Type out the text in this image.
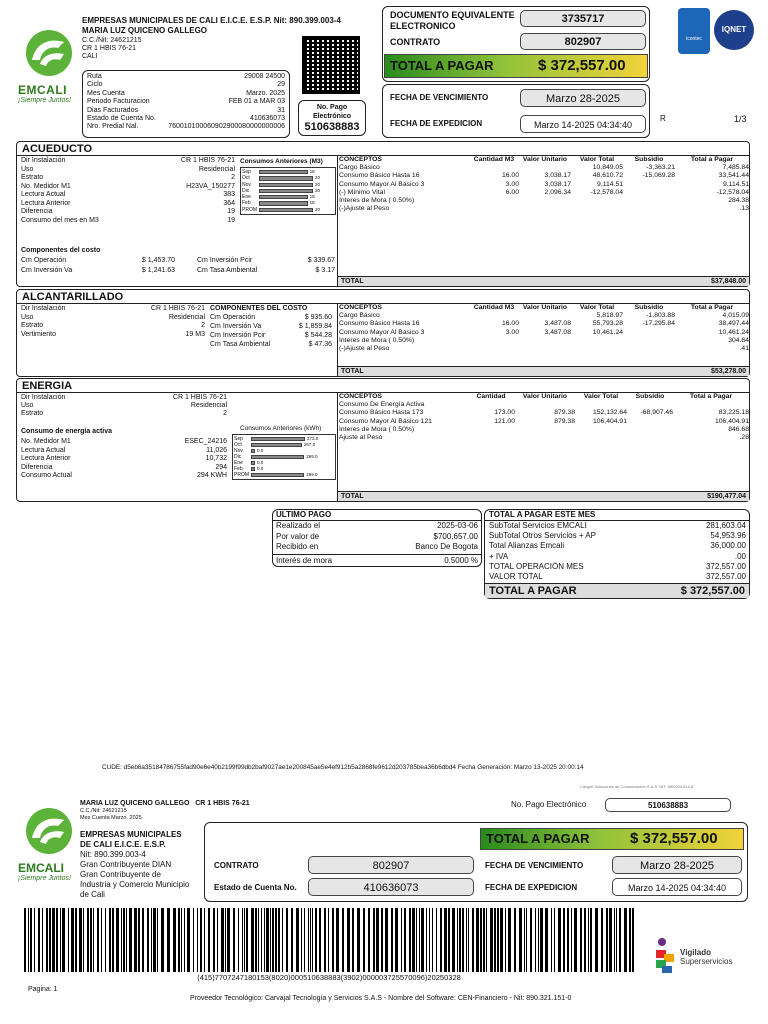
EMCALI
¡Siempre Juntos!
EMPRESAS MUNICIPALES DE CALI E.I.C.E. E.S.P. Nit: 890.399.003-4
MARIA LUZ QUICENO GALLEGO
C.C./Nit: 24621215
CR 1 HBIS 76-21
CALI
Ruta	29008 24500
Ciclo	29
Mes Cuenta	Marzo. 2025
Periodo Facturacion	FEB 01 a MAR 03
Dias Facturados	31
Estado de Cuenta No.	410636073
Nro. Predial Nal.	760010100060902900080000000006
No. Pago Electrónico
510638883
DOCUMENTO EQUIVALENTE ELECTRONICO
3735717
CONTRATO	802907
TOTAL A PAGAR	$ 372,557.00
FECHA DE VENCIMIENTO	Marzo 28-2025
FECHA DE EXPEDICION	Marzo 14-2025 04:34:40
R	1/3
icontec
IQNET
ACUEDUCTO
Dir Instalación	CR 1 HBIS 76-21
Uso	Residencial
Estrato	2
No. Medidor M1	H23VA_150277
Lectura Actual	383
Lectura Anterior	364
Diferencia	19
Consumo del mes en M3	19
Consumos Anteriores (M3)
Sep	18
Oct	20
Nov	20
Dic	20
Ene	18
Feb	18
PROM	20
Componentes del costo
Cm Operación	$ 1,453.70	Cm Inversión Pcir	$ 339.67
Cm Inversión Va	$ 1,241.63	Cm Tasa Ambiental	$ 3.17
CONCEPTOS	Cantidad M3	Valor Unitario	Valor Total	Subsidio	Total a Pagar
Cargo Básico			10,849.05	-3,363.21	7,485.84
Consumo Básico Hasta 16	16.00	3,038.17	48,610.72	-15,069.28	33,541.44
Consumo Mayor Al Básico 3	3.00	3,038.17	9,114.51		9,114.51
(-) Mínimo Vital	6.00	2,096.34	-12,578.04		-12,578.04
Interes de Mora ( 0.50%)					284.38
(-)Ajuste al Peso					.13
TOTAL	$37,848.00
ALCANTARILLADO
Dir Instalación	CR 1 HBIS 76-21
Uso	Residencial
Estrato	2
Vertimiento	19 M3
COMPONENTES DEL COSTO
Cm Operación	$ 935.60
Cm Inversión Va	$ 1,859.84
Cm Inversión Pcir	$ 544.28
Cm Tasa Ambiental	$ 47.36
CONCEPTOS	Cantidad M3	Valor Unitario	Valor Total	Subsidio	Total a Pagar
Cargo Básico			5,818.97	-1,803.88	4,015.09
Consumo Básico Hasta 16	16.00	3,487.08	55,793.28	-17,295.84	38,497.44
Consumo Mayor Al Básico 3	3.00	3,487.08	10,461.24		10,461.24
Interes de Mora ( 0.50%)					304.64
(-)Ajuste al Peso					.41
TOTAL	$53,278.00
ENERGIA
Dir Instalación	CR 1 HBIS 76-21
Uso	Residencial
Estrato	2
Consumo de energía activa
No. Medidor M1	ESEC_24216
Lectura Actual	11,026
Lectura Anterior	10,732
Diferencia	294
Consumo Actual	294 KWH
Consumos Anteriores (kWh)
Sep	273.0
Oct	257.0
Nov	0.0
Dic	269.0
Ene	0.0
Feb	0.0
PROM	269.0
CONCEPTOS	Cantidad	Valor Unitario	Valor Total	Subsidio	Total a Pagar
Consumo De Energía Activa					
Consumo Básico Hasta 173	173.00	879.38	152,132.64	-68,907.46	83,225.18
Consumo Mayor Al Básico 121	121.00	879.38	106,404.91		106,404.91
Interes de Mora ( 0.50%)					846.68
Ajuste al Peso					.28
TOTAL	$190,477.04
ULTIMO PAGO
Realizado el	2025-03-06
Por valor de	$700,657.00
Recibido en	Banco De Bogota
Interés de mora	0.5000 %
TOTAL A PAGAR ESTE MES
SubTotal Servicios EMCALI	281,603.04
SubTotal Otros Servicios + AP	54,953.96
Total Alianzas Emcali	36,000.00
+ IVA	.00
TOTAL OPERACIÓN MES	372,557.00
VALOR TOTAL	372,557.00
TOTAL A PAGAR	$ 372,557.00
CUDE: d5eb6a35184786755fad90e6e40b2199f99db2baf9027ae1e200845ae5e4ef912b5a2868fe9612d203785bea36b6dbd4 Fecha Generación: Marzo 13-2025 20:00:14
Cargué Soluciones de Comunicación S.A.S. NIT. 890.004.512-8
EMCALI
¡Siempre Juntos!
MARIA LUZ QUICENO GALLEGO   CR 1 HBIS 76-21
C.C./Nit: 24621215
Mes Cuenta Marzo. 2025
No. Pago Electrónico	510638883
EMPRESAS MUNICIPALES
DE CALI E.I.C.E. E.S.P.
Nit: 890.399.003-4
Gran Contribuyente DIAN
Gran Contribuyente de
Industria y Comercio Municipio
de Cali
TOTAL A PAGAR	$ 372,557.00
CONTRATO	802907
Estado de Cuenta No.	410636073
FECHA DE VENCIMIENTO	Marzo 28-2025
FECHA DE EXPEDICION	Marzo 14-2025 04:34:40
(415)7707247180153(8020)000510638883(3902)000003725570096)20250328
Vigilado
Superservicios
Pagina: 1
Proveedor Tecnológico: Carvajal Tecnología y Servicios S.A.S - Nombre del Software: CEN-Financiero - Nit: 890.321.151-0
